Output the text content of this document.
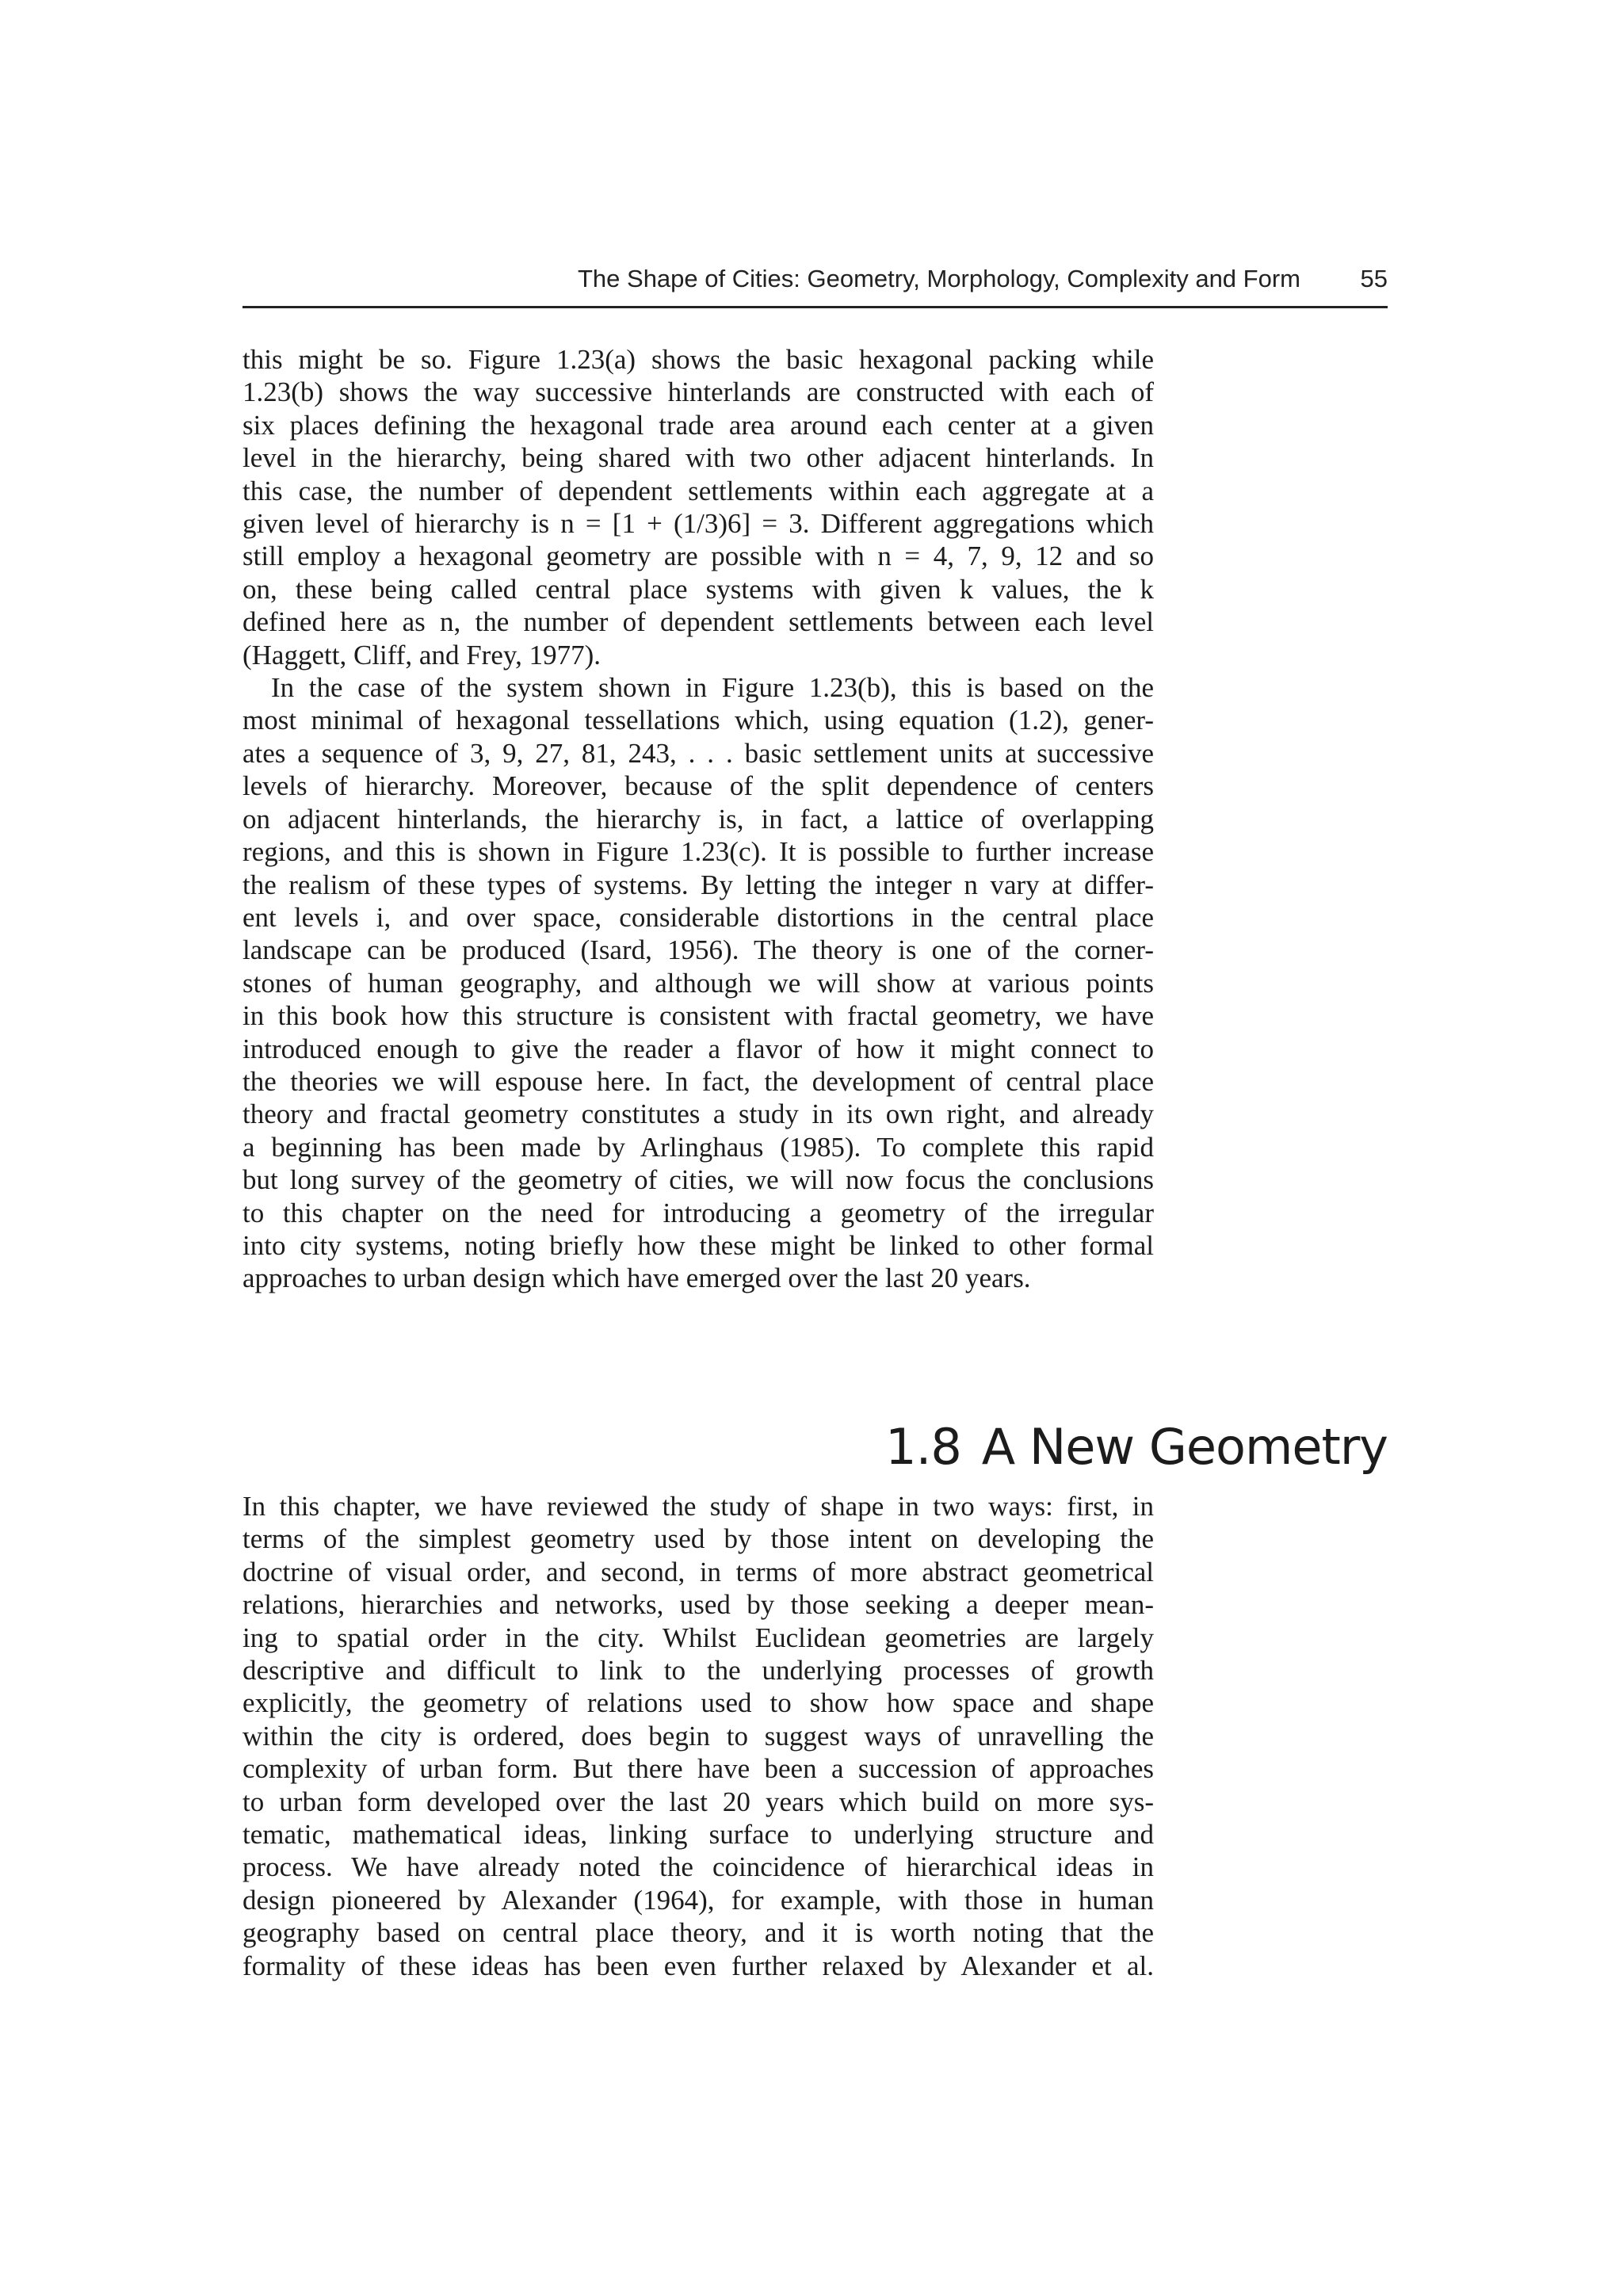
The Shape of Cities: Geometry, Morphology, Complexity and Form 55

this might be so. Figure 1.23(a) shows the basic hexagonal packing while
1.23(b) shows the way successive hinterlands are constructed with each of
six places defining the hexagonal trade area around each center at a given
level in the hierarchy, being shared with two other adjacent hinterlands. In
this case, the number of dependent settlements within each aggregate at a
given level of hierarchy is n = [1 + (1/3)6] = 3. Different aggregations which
still employ a hexagonal geometry are possible with n = 4, 7, 9, 12 and so
on, these being called central place systems with given k values, the k
defined here as n, the number of dependent settlements between each level
(Haggett, Cliff, and Frey, 1977).

In the case of the system shown in Figure 1.23(b), this is based on the
most minimal of hexagonal tessellations which, using equation (1.2), gener-
ates a sequence of 3, 9, 27, 81, 243, . . . basic settlement units at successive
levels of hierarchy. Moreover, because of the split dependence of centers
on adjacent hinterlands, the hierarchy is, in fact, a lattice of overlapping
regions, and this is shown in Figure 1.23(c). It is possible to further increase
the realism of these types of systems. By letting the integer n vary at differ-
ent levels i, and over space, considerable distortions in the central place
landscape can be produced (Isard, 1956). The theory is one of the corner-
stones of human geography, and although we will show at various points
in this book how this structure is consistent with fractal geometry, we have
introduced enough to give the reader a flavor of how it might connect to
the theories we will espouse here. In fact, the development of central place
theory and fractal geometry constitutes a study in its own right, and already
a beginning has been made by Arlinghaus (1985). To complete this rapid
but long survey of the geometry of cities, we will now focus the conclusions
to this chapter on the need for introducing a geometry of the irregular
into city systems, noting briefly how these might be linked to other formal
approaches to urban design which have emerged over the last 20 years.

1.8 A New Geometry

In this chapter, we have reviewed the study of shape in two ways: first, in
terms of the simplest geometry used by those intent on developing the
doctrine of visual order, and second, in terms of more abstract geometrical
relations, hierarchies and networks, used by those seeking a deeper mean-
ing to spatial order in the city. Whilst Euclidean geometries are largely
descriptive and difficult to link to the underlying processes of growth
explicitly, the geometry of relations used to show how space and shape
within the city is ordered, does begin to suggest ways of unravelling the
complexity of urban form. But there have been a succession of approaches
to urban form developed over the last 20 years which build on more sys-
tematic, mathematical ideas, linking surface to underlying structure and
process. We have already noted the coincidence of hierarchical ideas in
design pioneered by Alexander (1964), for example, with those in human
geography based on central place theory, and it is worth noting that the
formality of these ideas has been even further relaxed by Alexander et al.
